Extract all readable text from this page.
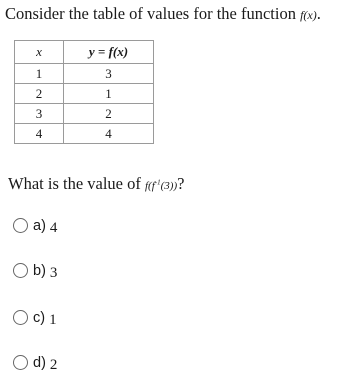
Consider the table of values for the function f(x).
x	y = f(x)
1	3
2	1
3	2
4	4
What is the value of $f(f^{-1}(3))$?
a) 4
b) 3
c) 1
d) 2
